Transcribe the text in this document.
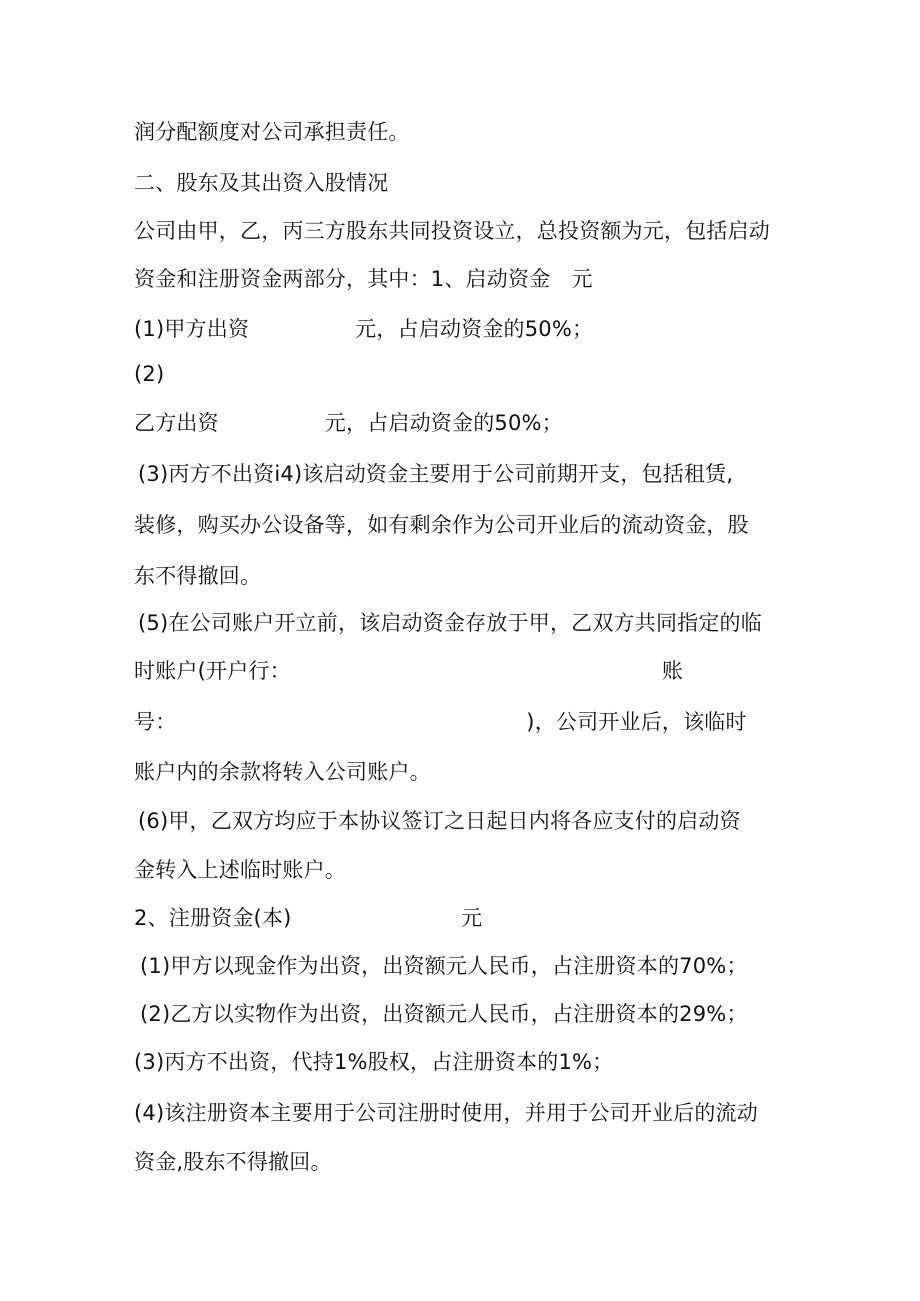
润分配额度对公司承担责任。
二、股东及其出资入股情况
公司由甲，乙，丙三方股东共同投资设立，总投资额为元，包括启动
资金和注册资金两部分，其中：1、启动资金　元
(1)甲方出资　　　　　元，占启动资金的50%；
(2)
乙方出资　　　　　元，占启动资金的50%；
(3)丙方不出资i4)该启动资金主要用于公司前期开支，包括租赁,
装修，购买办公设备等，如有剩余作为公司开业后的流动资金，股
东不得撤回。
(5)在公司账户开立前，该启动资金存放于甲，乙双方共同指定的临
时账户(开户行：　　　　　　　　　　　　　　　　　　账
号：　　　　　　　　　　　　　　　　　)，公司开业后，该临时
账户内的余款将转入公司账户。
(6)甲，乙双方均应于本协议签订之日起日内将各应支付的启动资
金转入上述临时账户。
2、注册资金(本)　　　　　　　　元
(1)甲方以现金作为出资，出资额元人民币，占注册资本的70%；
(2)乙方以实物作为出资，出资额元人民币，占注册资本的29%；
(3)丙方不出资，代持1%股权，占注册资本的1%；
(4)该注册资本主要用于公司注册时使用，并用于公司开业后的流动
资金,股东不得撤回。
